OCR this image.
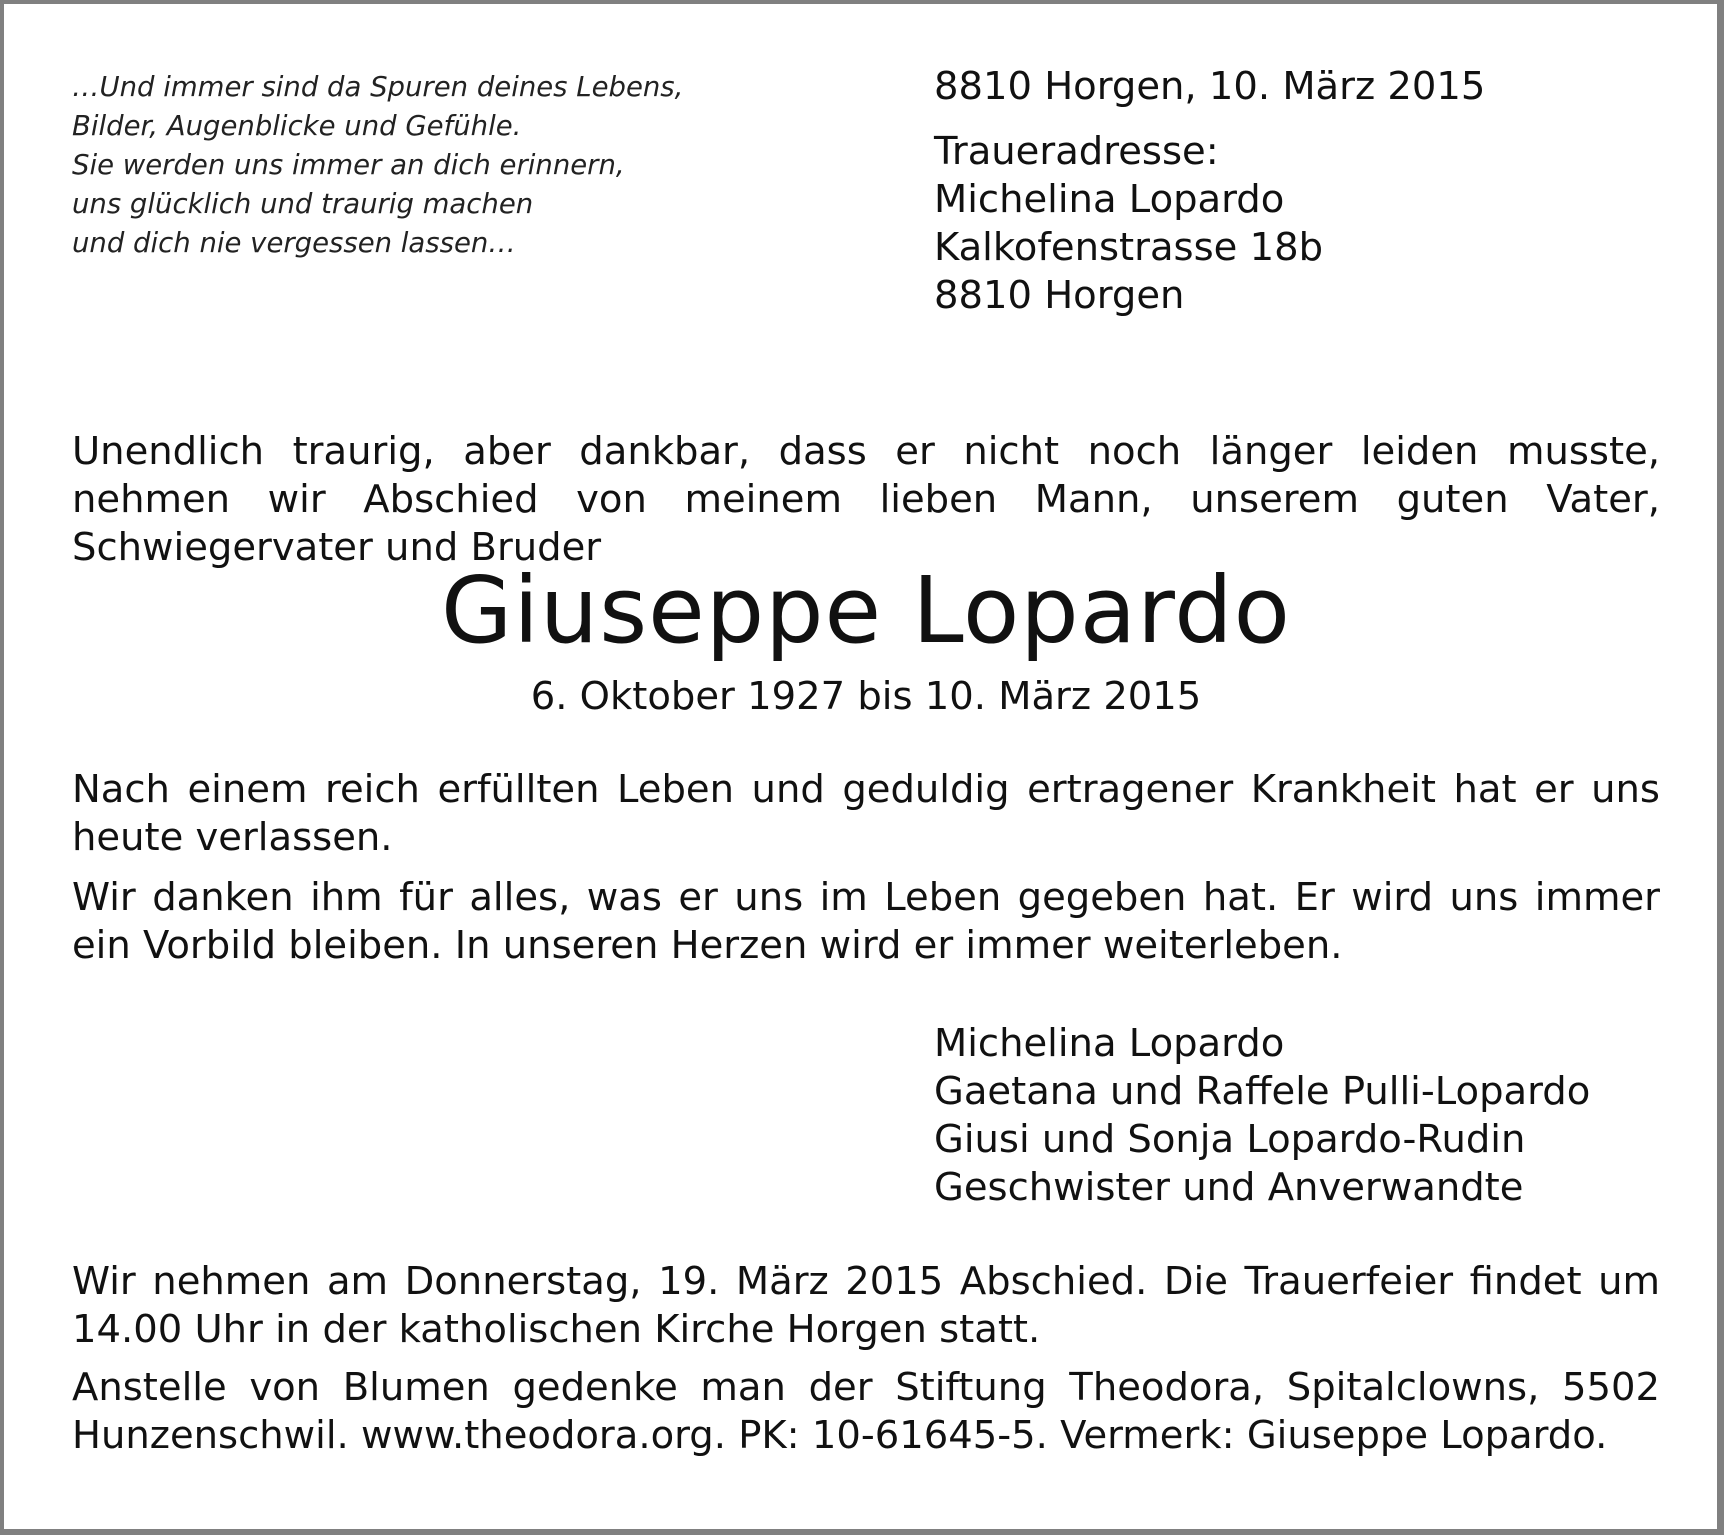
…Und immer sind da Spuren deines Lebens,
Bilder, Augenblicke und Gefühle.
Sie werden uns immer an dich erinnern,
uns glücklich und traurig machen
und dich nie vergessen lassen…
8810 Horgen, 10. März 2015
Traueradresse:
Michelina Lopardo
Kalkofenstrasse 18b
8810 Horgen
Unendlich traurig, aber dankbar, dass er nicht noch länger leiden musste, nehmen wir Abschied von meinem lieben Mann, unserem guten Vater, Schwiegervater und Bruder
Giuseppe Lopardo
6. Oktober 1927 bis 10. März 2015
Nach einem reich erfüllten Leben und geduldig ertragener Krankheit hat er uns heute verlassen.
Wir danken ihm für alles, was er uns im Leben gegeben hat. Er wird uns immer ein Vorbild bleiben. In unseren Herzen wird er immer weiterleben.
Michelina Lopardo
Gaetana und Raffele Pulli-Lopardo
Giusi und Sonja Lopardo-Rudin
Geschwister und Anverwandte
Wir nehmen am Donnerstag, 19. März 2015 Abschied. Die Trauerfeier findet um 14.00 Uhr in der katholischen Kirche Horgen statt.
Anstelle von Blumen gedenke man der Stiftung Theodora, Spitalclowns, 5502 Hunzenschwil. www.theodora.org. PK: 10-61645-5. Vermerk: Giuseppe Lopardo.
